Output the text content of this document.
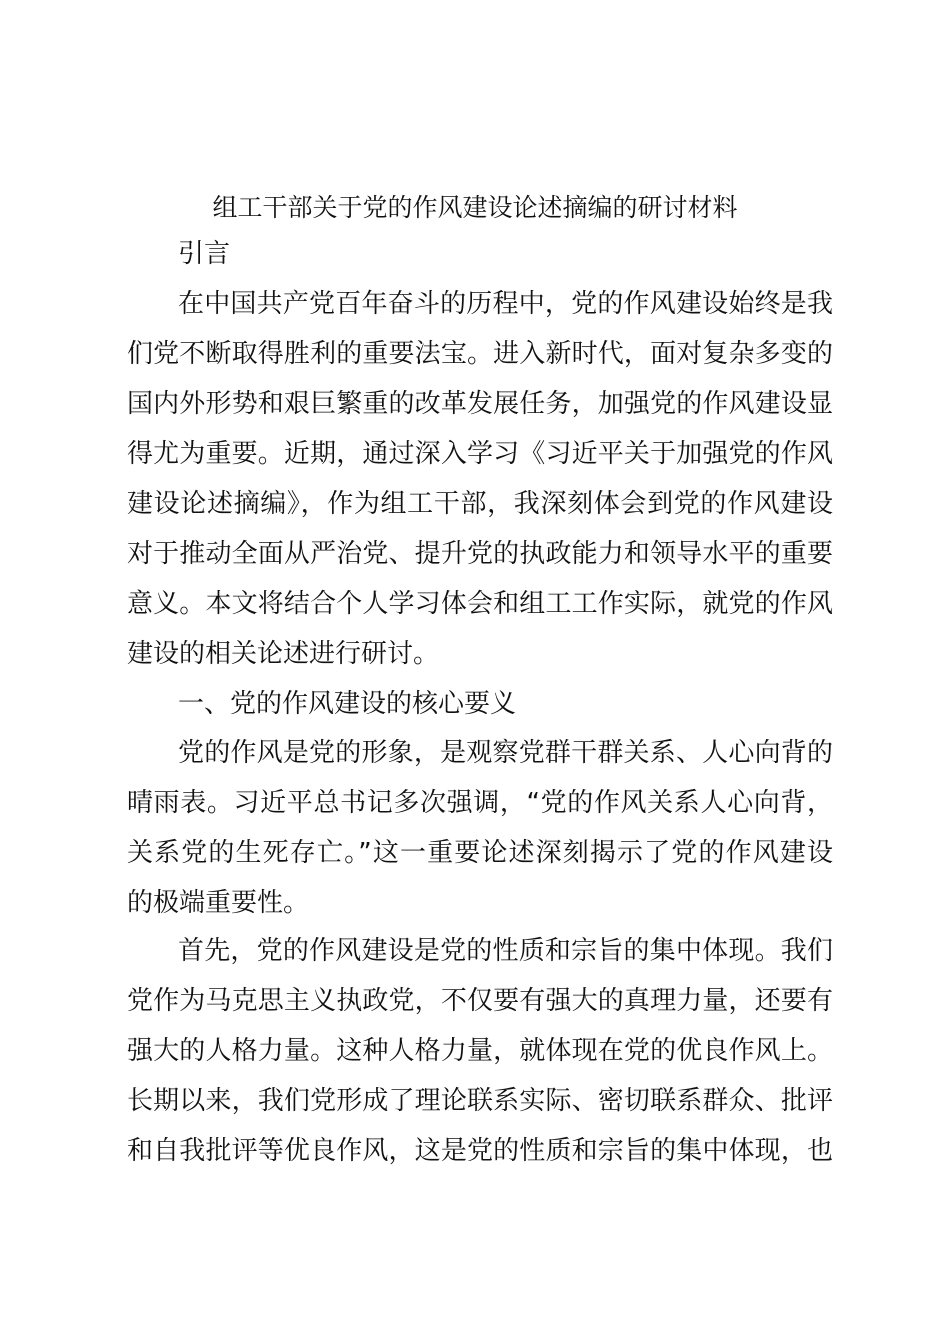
组工干部关于党的作风建设论述摘编的研讨材料
引言
在中国共产党百年奋斗的历程中，党的作风建设始终是我
们党不断取得胜利的重要法宝。进入新时代，面对复杂多变的
国内外形势和艰巨繁重的改革发展任务，加强党的作风建设显
得尤为重要。近期，通过深入学习《习近平关于加强党的作风
建设论述摘编》，作为组工干部，我深刻体会到党的作风建设
对于推动全面从严治党、提升党的执政能力和领导水平的重要
意义。本文将结合个人学习体会和组工工作实际，就党的作风
建设的相关论述进行研讨。
一、党的作风建设的核心要义
党的作风是党的形象，是观察党群干群关系、人心向背的
晴雨表。习近平总书记多次强调，“党的作风关系人心向背，
关系党的生死存亡。”这一重要论述深刻揭示了党的作风建设
的极端重要性。
首先，党的作风建设是党的性质和宗旨的集中体现。我们
党作为马克思主义执政党，不仅要有强大的真理力量，还要有
强大的人格力量。这种人格力量，就体现在党的优良作风上。
长期以来，我们党形成了理论联系实际、密切联系群众、批评
和自我批评等优良作风，这是党的性质和宗旨的集中体现，也
